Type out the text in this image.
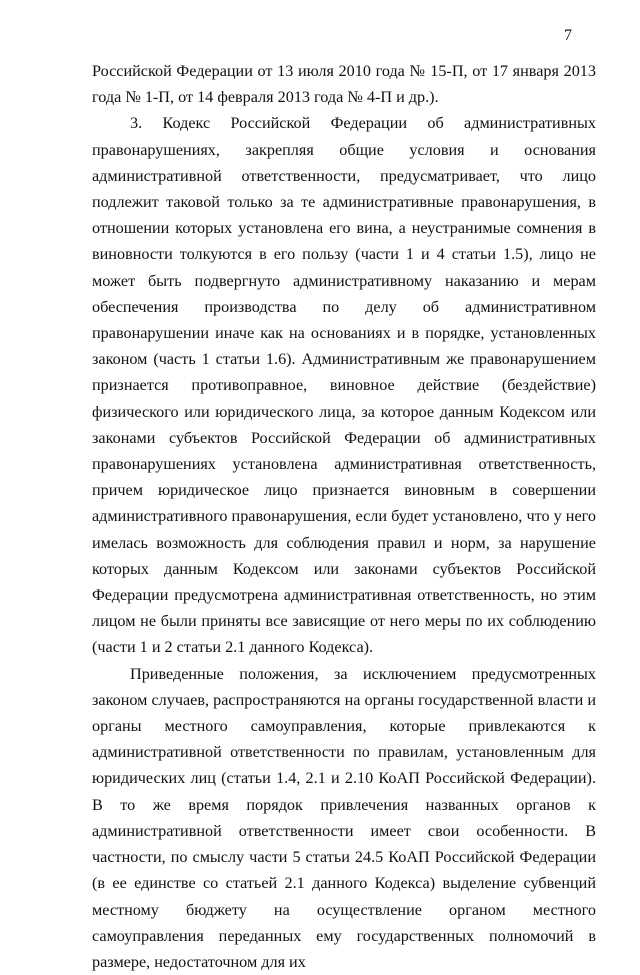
7

Российской Федерации от 13 июля 2010 года № 15-П, от 17 января 2013 года № 1-П, от 14 февраля 2013 года № 4-П и др.).

3. Кодекс Российской Федерации об административных правонарушениях, закрепляя общие условия и основания административной ответственности, предусматривает, что лицо подлежит таковой только за те административные правонарушения, в отношении которых установлена его вина, а неустранимые сомнения в виновности толкуются в его пользу (части 1 и 4 статьи 1.5), лицо не может быть подвергнуто административному наказанию и мерам обеспечения производства по делу об административном правонарушении иначе как на основаниях и в порядке, установленных законом (часть 1 статьи 1.6). Административным же правонарушением признается противоправное, виновное действие (бездействие) физического или юридического лица, за которое данным Кодексом или законами субъектов Российской Федерации об административных правонарушениях установлена административная ответственность, причем юридическое лицо признается виновным в совершении административного правонарушения, если будет установлено, что у него имелась возможность для соблюдения правил и норм, за нарушение которых данным Кодексом или законами субъектов Российской Федерации предусмотрена административная ответственность, но этим лицом не были приняты все зависящие от него меры по их соблюдению (части 1 и 2 статьи 2.1 данного Кодекса).

Приведенные положения, за исключением предусмотренных законом случаев, распространяются на органы государственной власти и органы местного самоуправления, которые привлекаются к административной ответственности по правилам, установленным для юридических лиц (статьи 1.4, 2.1 и 2.10 КоАП Российской Федерации). В то же время порядок привлечения названных органов к административной ответственности имеет свои особенности. В частности, по смыслу части 5 статьи 24.5 КоАП Российской Федерации (в ее единстве со статьей 2.1 данного Кодекса) выделение субвенций местному бюджету на осуществление органом местного самоуправления переданных ему государственных полномочий в размере, недостаточном для их
